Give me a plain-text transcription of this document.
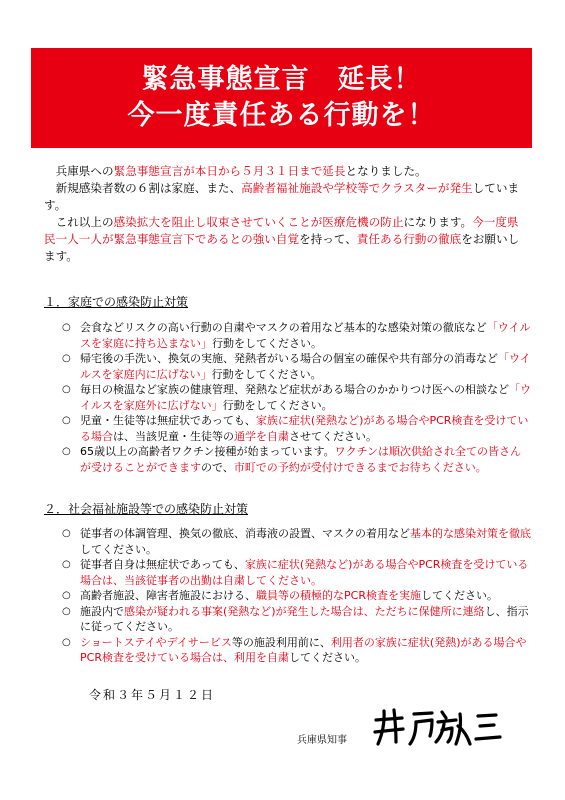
緊急事態宣言　延長！
今一度責任ある行動を！

　兵庫県への緊急事態宣言が本日から５月３１日まで延長となりました。

　新規感染者数の６割は家庭、また、高齢者福祉施設や学校等でクラスターが発生しています。

　これ以上の感染拡大を阻止し収束させていくことが医療危機の防止になります。今一度県民一人一人が緊急事態宣言下であるとの強い自覚を持って、責任ある行動の徹底をお願いします。

１．家庭での感染防止対策

○ 会食などリスクの高い行動の自粛やマスクの着用など基本的な感染対策の徹底など「ウイルスを家庭に持ち込まない」行動をしてください。

○ 帰宅後の手洗い、換気の実施、発熱者がいる場合の個室の確保や共有部分の消毒など「ウイルスを家庭内に広げない」行動をしてください。

○ 毎日の検温など家族の健康管理、発熱など症状がある場合のかかりつけ医への相談など「ウイルスを家庭外に広げない」行動をしてください。

○ 児童・生徒等は無症状であっても、家族に症状(発熱など)がある場合やPCR検査を受けている場合は、当該児童・生徒等の通学を自粛させてください。

○ 65歳以上の高齢者ワクチン接種が始まっています。ワクチンは順次供給され全ての皆さんが受けることができますので、市町での予約が受付けできるまでお待ちください。

２．社会福祉施設等での感染防止対策

○ 従事者の体調管理、換気の徹底、消毒液の設置、マスクの着用など基本的な感染対策を徹底してください。

○ 従事者自身は無症状であっても、家族に症状(発熱など)がある場合やPCR検査を受けている場合は、当該従事者の出勤は自粛してください。

○ 高齢者施設、障害者施設における、職員等の積極的なPCR検査を実施してください。

○ 施設内で感染が疑われる事案(発熱など)が発生した場合は、ただちに保健所に連絡し、指示に従ってください。

○ ショートステイやデイサービス等の施設利用前に、利用者の家族に症状(発熱)がある場合やPCR検査を受けている場合は、利用を自粛してください。

令和３年５月１２日
兵庫県知事
